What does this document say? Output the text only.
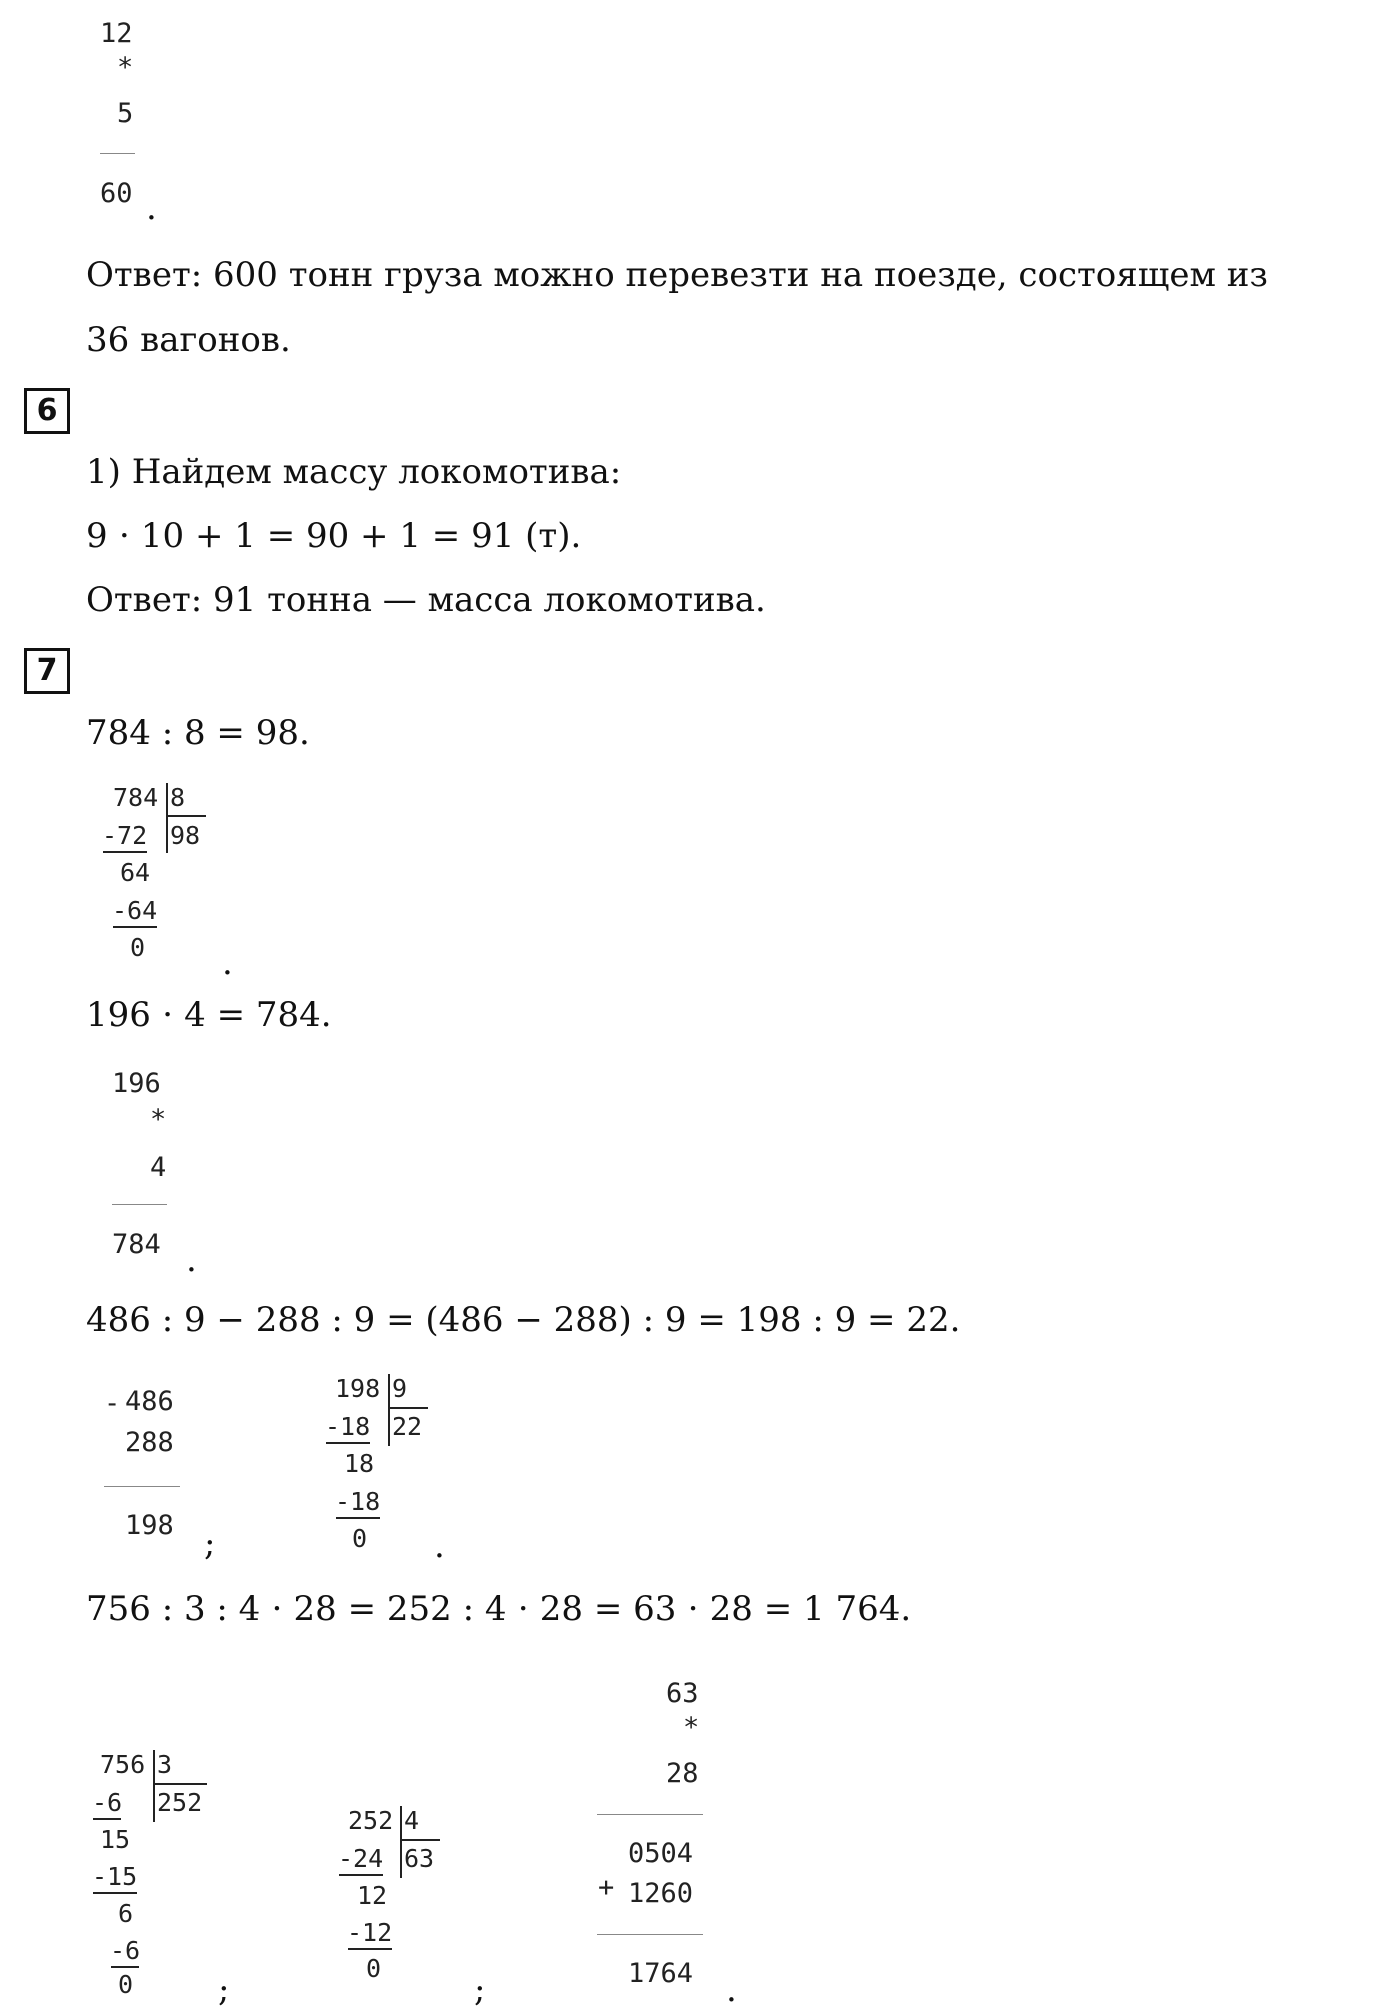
12
*
5
60 .
Ответ: 600 тонн груза можно перевезти на поезде, состоящем из
36 вагонов.
6
1) Найдем массу локомотива:
9 ⋅ 10 + 1 = 90 + 1 = 91 (т).
Ответ: 91 тонна — масса локомотива.
7
784 : 8 = 98.
784 8
98
-72
64
-64
0 .
196 ⋅ 4 = 784.
196
*
4
784 .
486 : 9 − 288 : 9 = (486 − 288) : 9 = 198 : 9 = 22.
- 486
288
198 ;
198 9
22
-18
18
-18
0 .
756 : 3 : 4 ⋅ 28 = 252 : 4 ⋅ 28 = 63 ⋅ 28 = 1 764.
756 3
252
-6
15
-15
6
-6
0 ;
252 4
63
-24
12
-12
0
;
63
*
28
+
0504
1260
1764 .
